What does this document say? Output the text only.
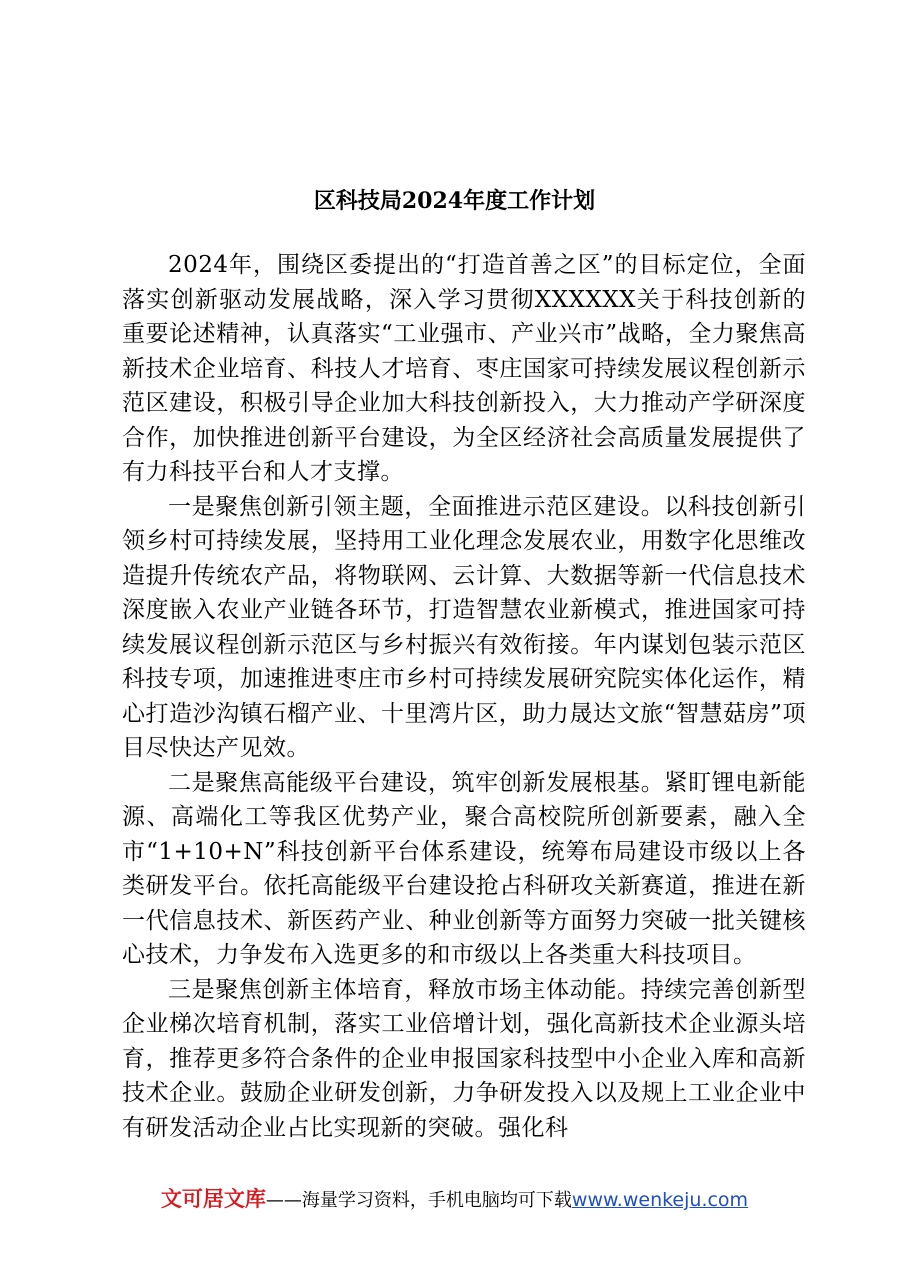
区科技局2024年度工作计划

2024年，围绕区委提出的“打造首善之区”的目标定位，全面落实创新驱动发展战略，深入学习贯彻XXXXXX关于科技创新的重要论述精神，认真落实“工业强市、产业兴市”战略，全力聚焦高新技术企业培育、科技人才培育、枣庄国家可持续发展议程创新示范区建设，积极引导企业加大科技创新投入，大力推动产学研深度合作，加快推进创新平台建设，为全区经济社会高质量发展提供了有力科技平台和人才支撑。

一是聚焦创新引领主题，全面推进示范区建设。以科技创新引领乡村可持续发展，坚持用工业化理念发展农业，用数字化思维改造提升传统农产品，将物联网、云计算、大数据等新一代信息技术深度嵌入农业产业链各环节，打造智慧农业新模式，推进国家可持续发展议程创新示范区与乡村振兴有效衔接。年内谋划包装示范区科技专项，加速推进枣庄市乡村可持续发展研究院实体化运作，精心打造沙沟镇石榴产业、十里湾片区，助力晟达文旅“智慧菇房”项目尽快达产见效。

二是聚焦高能级平台建设，筑牢创新发展根基。紧盯锂电新能源、高端化工等我区优势产业，聚合高校院所创新要素，融入全市“1+10+N”科技创新平台体系建设，统筹布局建设市级以上各类研发平台。依托高能级平台建设抢占科研攻关新赛道，推进在新一代信息技术、新医药产业、种业创新等方面努力突破一批关键核心技术，力争发布入选更多的和市级以上各类重大科技项目。

三是聚焦创新主体培育，释放市场主体动能。持续完善创新型企业梯次培育机制，落实工业倍增计划，强化高新技术企业源头培育，推荐更多符合条件的企业申报国家科技型中小企业入库和高新技术企业。鼓励企业研发创新，力争研发投入以及规上工业企业中有研发活动企业占比实现新的突破。强化科

文可居文库——海量学习资料，手机电脑均可下载www.wenkeju.com
